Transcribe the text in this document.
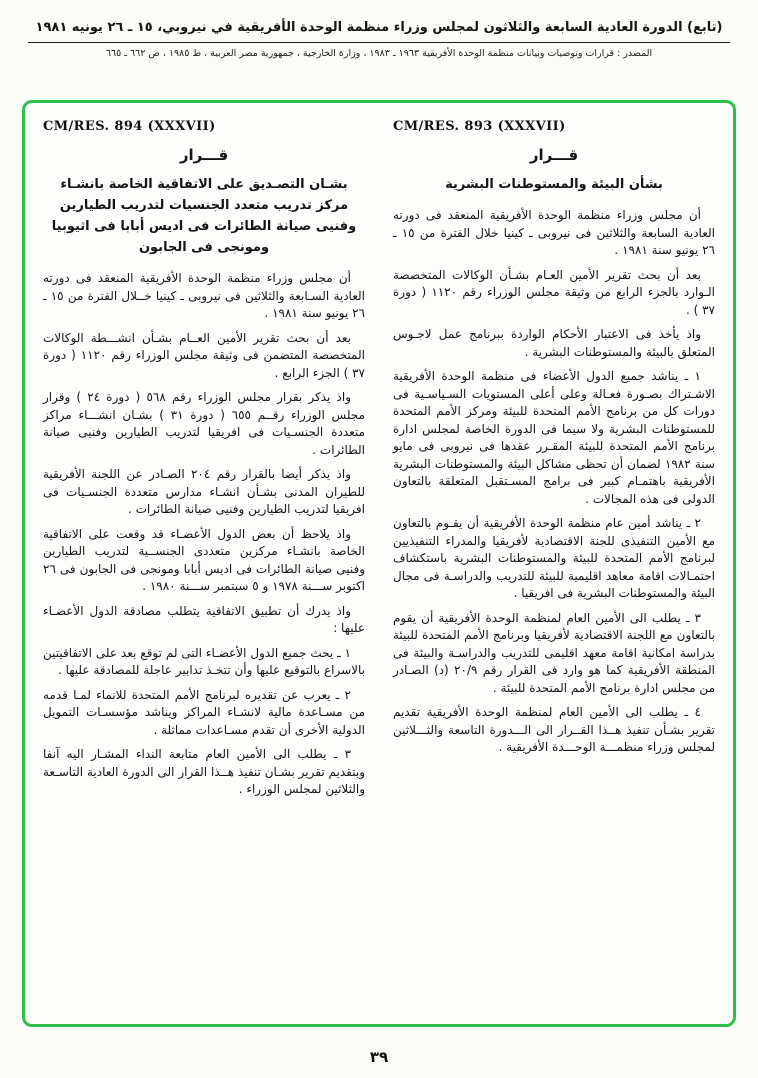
(تابع) الدورة العادية السابعة والثلاثون لمجلس وزراء منظمة الوحدة الأفريقية في نيروبي، ١٥ ـ ٢٦ يونيه ١٩٨١
المصدر : قرارات وتوصيات وبيانات منظمة الوحدة الأفريقية ١٩٦٣ ـ ١٩٨٣ ، وزارة الخارجية ، جمهورية مصر العربية ، ط ١٩٨٥ ، ص ٦٦٢ ـ ٦٦٥
CM/RES. 893 (XXXVII)
قـــرار
بشأن البيئة والمستوطنات البشرية

أن مجلس وزراء منظمة الوحدة الأفريقية المنعقد فى دورته العادية السابعة والثلاثين فى نيروبى ـ كينيا خلال الفترة من ١٥ ـ ٢٦ يونيو سنة ١٩٨١ .

بعد أن بحث تقرير الأمين العـام بشـأن الوكالات المتخصصة الـوارد بالجزء الرابع من وثيقة مجلس الوزراء رقم ١١٢٠ ( دورة ٣٧ ) .

واذ يأخذ فى الاعتبار الأحكام الواردة ببرنامج عمل لاجـوس المتعلق بالبيئة والمستوطنات البشرية .

١ ـ يناشد جميع الدول الأعضاء فى منظمة الوحدة الأفريقية الاشـتراك بصـورة فعـالة وعلى أعلى المستويات السـياسـية فى دورات كل من برنامج الأمم المتحدة للبيئة ومركز الأمم المتحدة للمستوطنات البشرية ولا سيما فى الدورة الخاصة لمجلس ادارة برنامج الأمم المتحدة للبيئة المقـرر عقدها فى نيروبى فى مايو سنة ١٩٨٢ لضمان أن تحظى مشاكل البيئة والمستوطنات البشرية الأفريقية باهتمـام كبير فى برامج المسـتقبل المتعلقة بالتعاون الدولى فى هذه المجالات .

٢ ـ يناشد أمين عام منظمة الوحدة الأفريقية أن يقـوم بالتعاون مع الأمين التنفيذى للجنة الاقتصادية لأفريقيا والمدراء التنفيذيين لبرنامج الأمم المتحدة للبيئة والمستوطنات البشرية باستكشاف احتمـالات اقامة معاهد اقليمية للبيئة للتدريب والدراسـة فى مجال البيئة والمستوطنات البشرية فى افريقيا .

٣ ـ يطلب الى الأمين العام لمنظمة الوحدة الأفريقية أن يقوم بالتعاون مع اللجنة الاقتصادية لأفريقيا وبرنامج الأمم المتحدة للبيئة بدراسة امكانية اقامة معهد اقليمى للتدريب والدراسـة والبيئة فى المنطقة الأفريقية كما هو وارد فى القرار رقم ٢٠/٩ (د) الصـادر من مجلس ادارة برنامج الأمم المتحدة للبيئة .

٤ ـ يطلب الى الأمين العام لمنظمة الوحدة الأفريقية تقديم تقرير بشـأن تنفيذ هــذا القــرار الى الـــدورة التاسعة والثـــلاثين لمجلس وزراء منظمـــة الوحـــدة الأفريقية .

CM/RES. 894 (XXXVII)
قـــرار
بشـان التصـديق على الاتفاقية الخاصة بانشـاء مركز تدريب متعدد الجنسيات لتدريب الطيارين وفنيى صيانة الطائرات فى اديس أبابا فى اثيوبيا ومونجى فى الجابون

أن مجلس وزراء منظمة الوحدة الأفريقية المنعقد فى دورته العادية السـابعة والثلاثين فى نيروبى ـ كينيا خــلال الفترة من ١٥ ـ ٢٦ يونيو سنة ١٩٨١ .

بعد أن بحث تقرير الأمين العــام بشـأن انشـــطة الوكالات المتخصصة المتضمن فى وثيقة مجلس الوزراء رقم ١١٢٠ ( دورة ٣٧ ) الجزء الرابع .

واذ يذكر بقرار مجلس الوزراء رقم ٥٦٨ ( دورة ٢٤ ) وقرار مجلس الوزراء رقــم ٦٥٥ ( دورة ٣١ ) بشـان انشـــاء مراكز متعددة الجنسـيات فى افريقيا لتدريب الطيارين وفنيى صيانة الطائرات .

واذ يذكر أيضا بالقرار رقم ٢٠٤ الصـادر عن اللجنة الأفريقية للطيران المدنى بشـأن انشـاء مدارس متعددة الجنسـيات فى افريقيا لتدريب الطيارين وفنيى صيانة الطائرات .

واذ يلاحظ أن بعض الدول الأعضـاء قد وقعت على الاتفاقية الخاصة بانشـاء مركزين متعددى الجنســية لتدريب الطيارين وفنيى صيانة الطائرات فى اديس أبابا ومونجى فى الجابون فى ٢٦ اكتوبر ســـنة ١٩٧٨ و ٥ سبتمبر ســـنة ١٩٨٠ .

واذ يدرك أن تطبيق الاتفاقية يتطلب مصادقة الدول الأعضـاء عليها :

١ ـ يحث جميع الدول الأعضـاء التى لم توقع بعد على الاتفاقيتين بالاسراع بالتوقيع عليها وأن تتخـذ تدابير عاجلة للمصادقة عليها .

٢ ـ يعرب عن تقديره لبرنامج الأمم المتحدة للانماء لمـا قدمه من مسـاعدة مالية لانشـاء المراكز ويناشد مؤسسـات التمويل الدولية الأخرى أن تقدم مسـاعدات مماثلة .

٣ ـ يطلب الى الأمين العام متابعة النداء المشـار اليه آنفا وبتقديم تقرير بشـان تنفيذ هــذا القرار الى الدورة العادية التاسـعة والثلاثين لمجلس الوزراء .

٣٩
